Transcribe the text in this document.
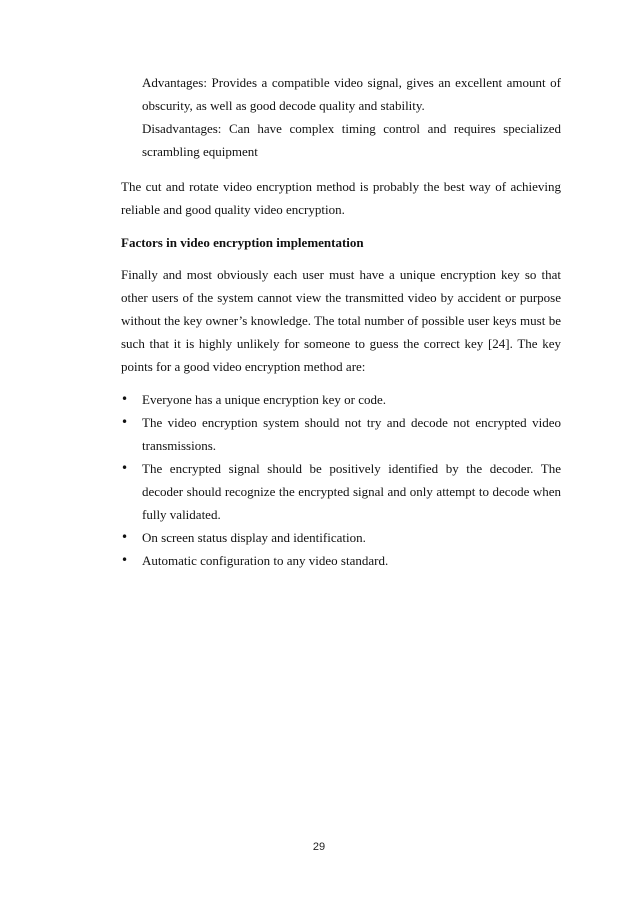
Advantages: Provides a compatible video signal, gives an excellent amount of obscurity, as well as good decode quality and stability.

Disadvantages: Can have complex timing control and requires specialized scrambling equipment

The cut and rotate video encryption method is probably the best way of achieving reliable and good quality video encryption.

Factors in video encryption implementation

Finally and most obviously each user must have a unique encryption key so that other users of the system cannot view the transmitted video by accident or purpose without the key owner’s knowledge. The total number of possible user keys must be such that it is highly unlikely for someone to guess the correct key [24]. The key points for a good video encryption method are:

•	Everyone has a unique encryption key or code.
•	The video encryption system should not try and decode not encrypted video transmissions.
•	The encrypted signal should be positively identified by the decoder. The decoder should recognize the encrypted signal and only attempt to decode when fully validated.
•	On screen status display and identification.
•	Automatic configuration to any video standard.
29
